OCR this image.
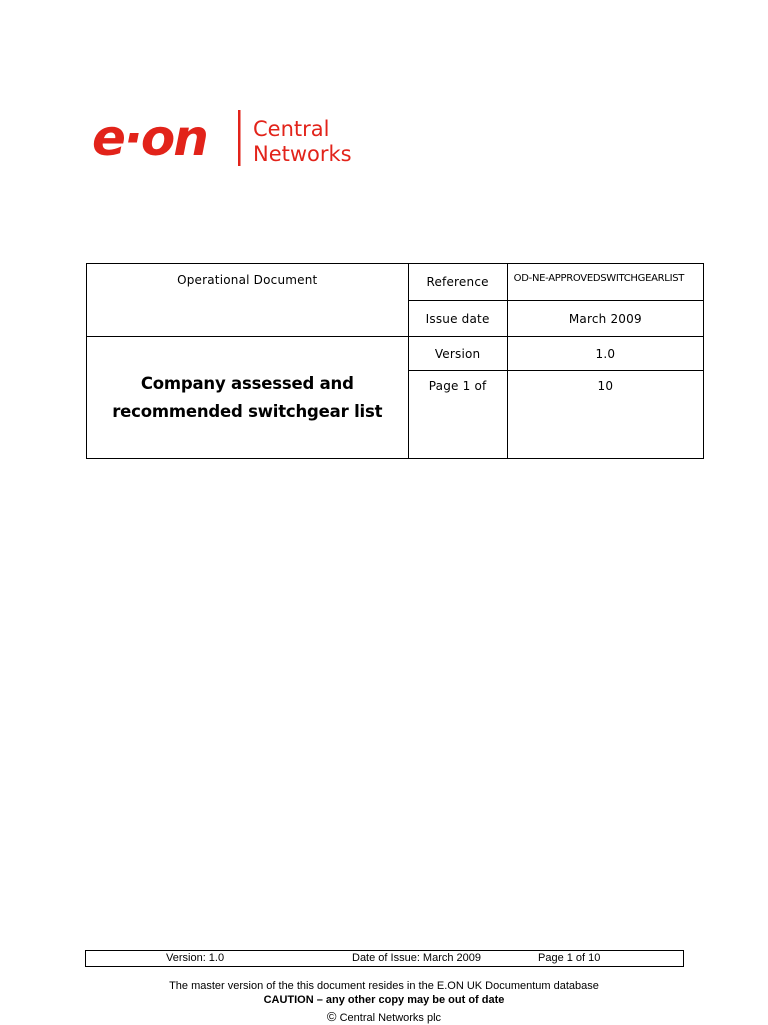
e·on Central
Networks
Operational Document	Reference	OD-NE-APPROVEDSWITCHGEARLIST

	Issue date	March 2009

Company assessed and
recommended switchgear list	Version	1.0

	Page 1 of	10
Version: 1.0	Date of Issue: March 2009	Page 1 of 10
The master version of the this document resides in the E.ON UK Documentum database
CAUTION – any other copy may be out of date
© Central Networks plc
